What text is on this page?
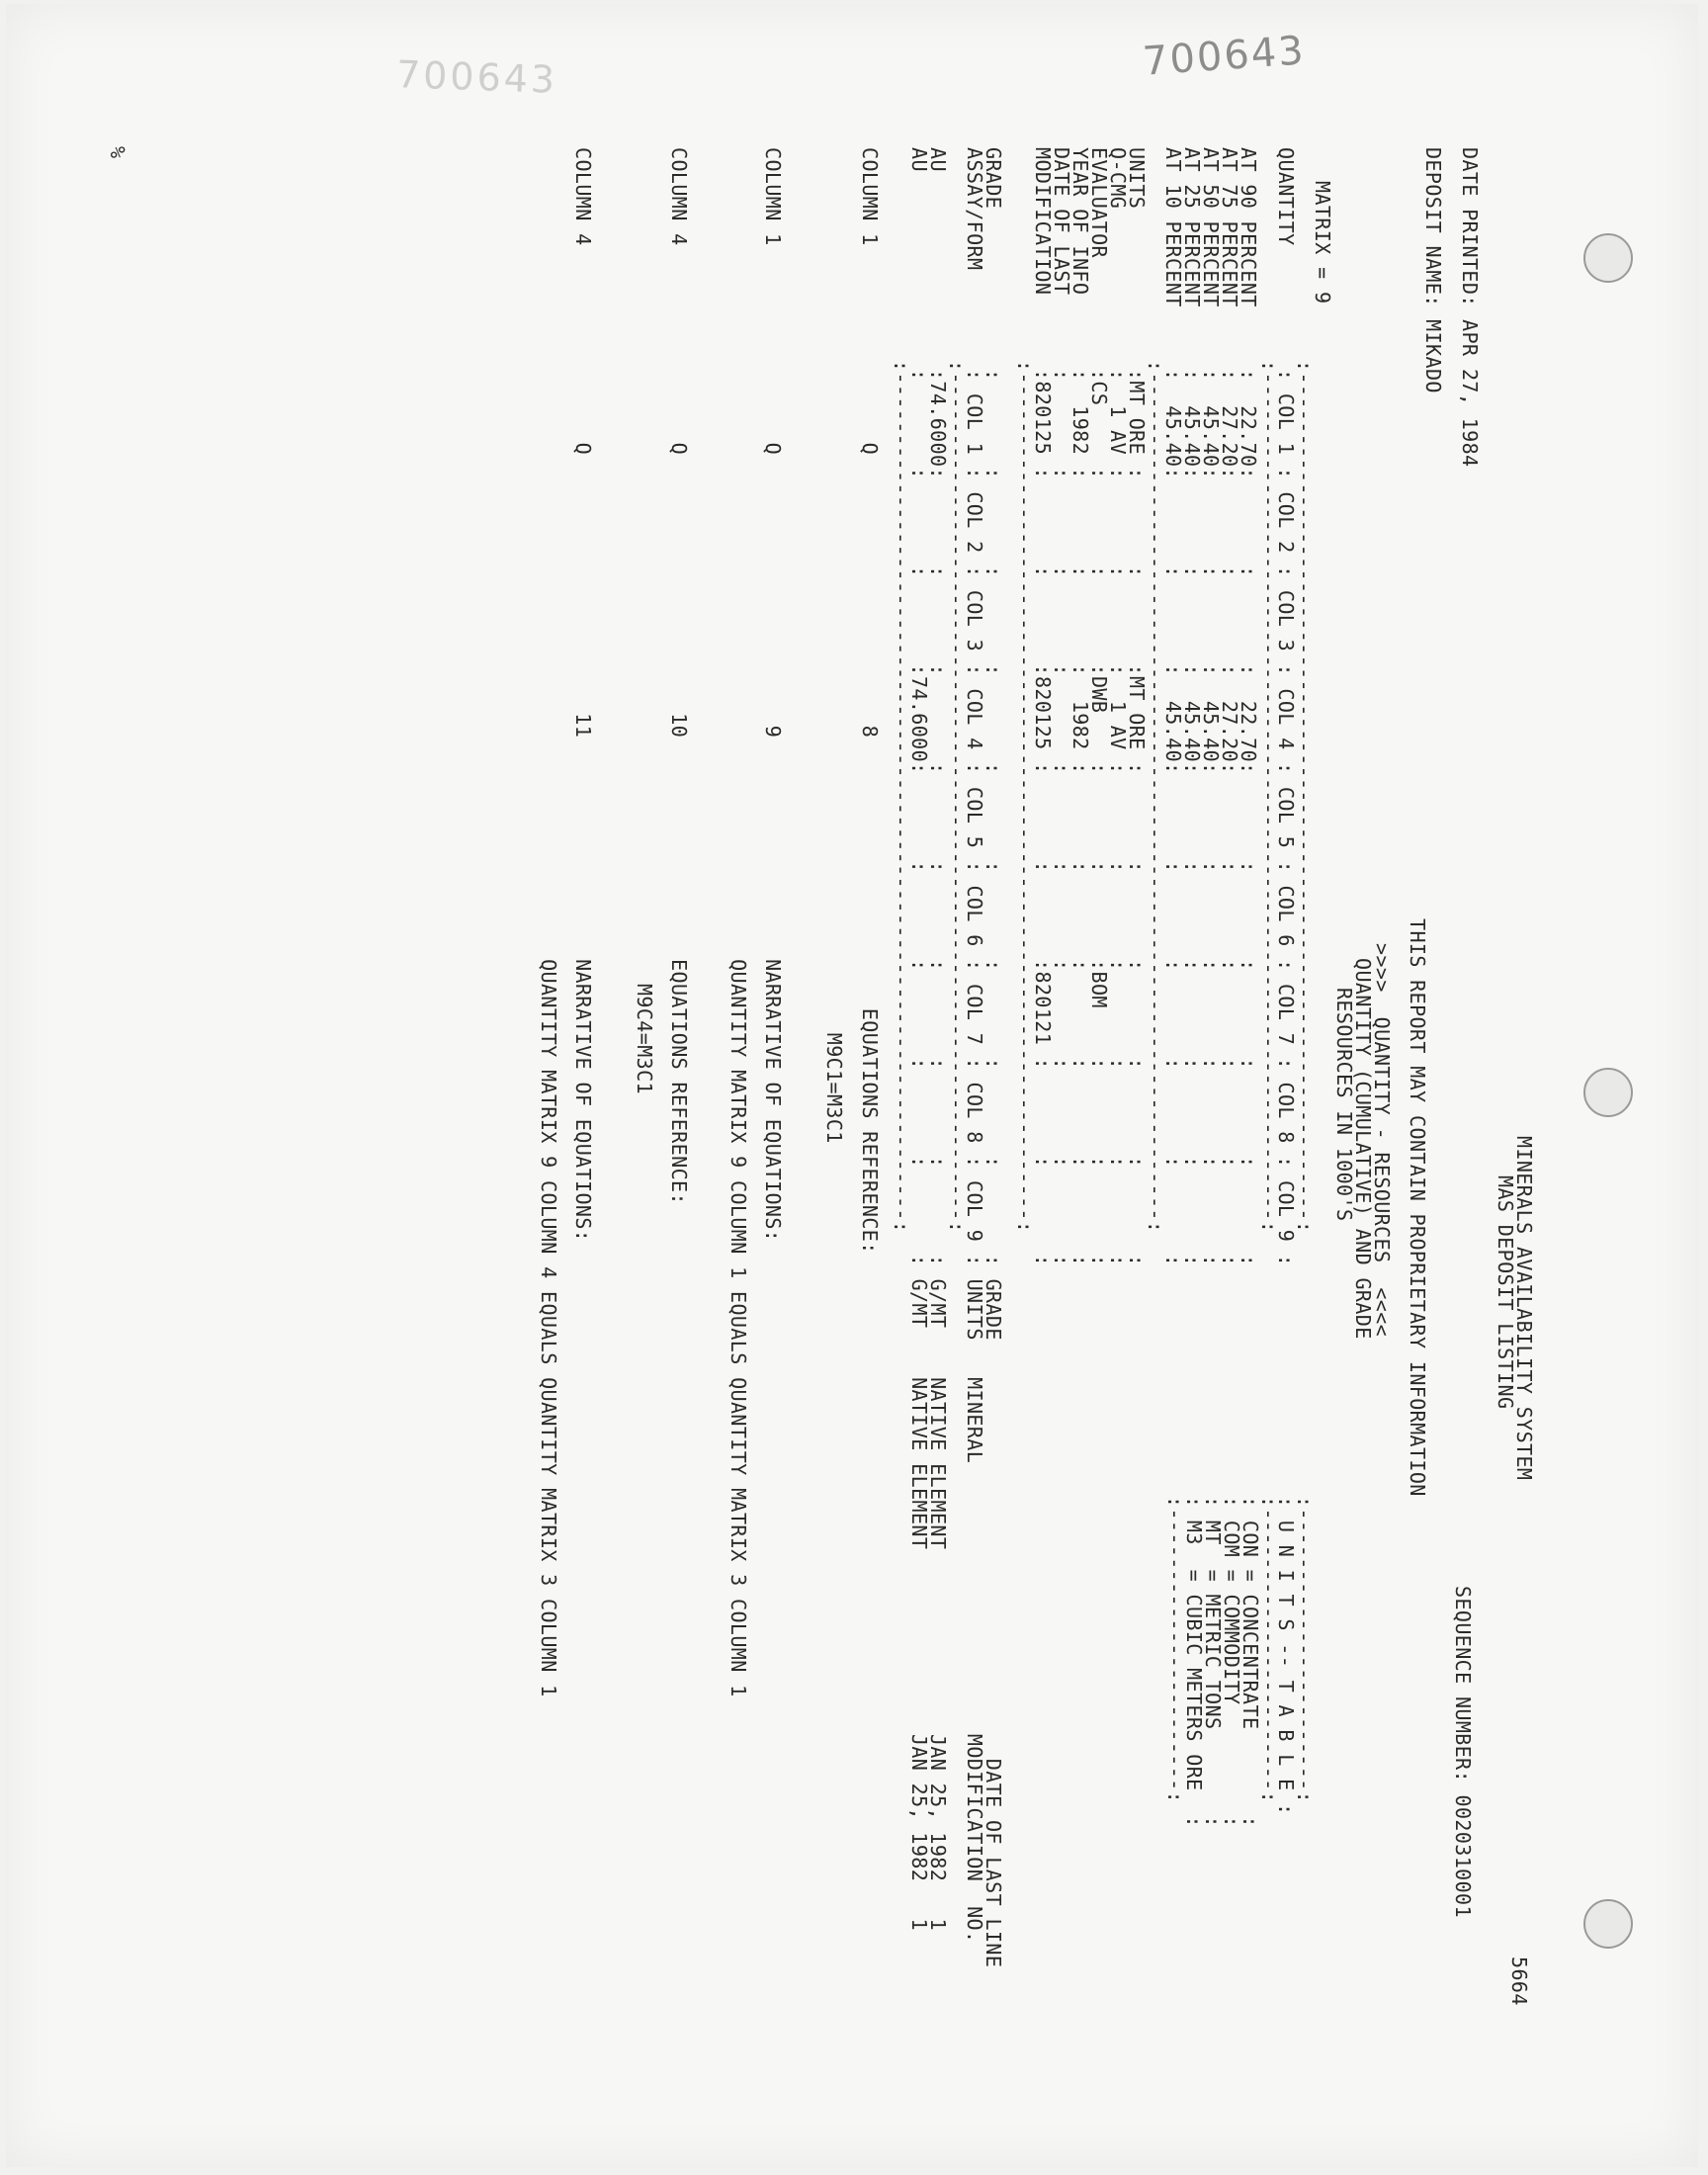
700643
700643
%
MINERALS AVAILABILITY SYSTEM
MAS DEPOSIT LISTING
5664
DATE PRINTED: APR 27, 1984
SEQUENCE NUMBER: 0020310001
DEPOSIT NAME: MIKADO
THIS REPORT MAY CONTAIN PROPRIETARY INFORMATION
>>>>  QUANTITY - RESOURCES  <<<<
QUANTITY (CUMULATIVE) AND GRADE
RESOURCES IN 1000'S
:-----------------------:
: U N I T S -- T A B L E :
:-----------------------:
: CON = CONCENTRATE       :
: COM = COMMODITY         :
: MT  = METRIC TONS       :
: M3  = CUBIC METERS ORE  :
:-----------------------:
MATRIX = 9
:---------------------------------------------------------------------:
QUANTITY          : COL 1 : COL 2 : COL 3 : COL 4 : COL 5 : COL 6 : COL 7 : COL 8 : COL 9 :
:---------------------------------------------------------------------:
AT 90 PERCENT     :  22.70:       :       :  22.70:       :       :       :       :       :
AT 75 PERCENT     :  27.20:       :       :  27.20:       :       :       :       :       :
AT 50 PERCENT     :  45.40:       :       :  45.40:       :       :       :       :       :
AT 25 PERCENT     :  45.40:       :       :  45.40:       :       :       :       :       :
AT 10 PERCENT     :  45.40:       :       :  45.40:       :       :       :       :       :
:---------------------------------------------------------------------:
UNITS             :MT ORE :       :       :MT ORE :       :       :       :       :       :
Q-CMG             :  1 AV :       :       :  1 AV :       :       :       :       :       :
EVALUATOR         :CS     :       :       :DWB    :       :       :BOM    :       :       :
YEAR OF INFO      :  1982 :       :       :  1982 :       :       :       :       :       :
DATE OF LAST      :       :       :       :       :       :       :       :       :       :
MODIFICATION      :820125 :       :       :820125 :       :       :820121 :       :       :
:---------------------------------------------------------------------:
GRADE             :       :       :       :       :       :       :       :       :       : GRADE                                  DATE OF LAST LINE
ASSAY/FORM        : COL 1 : COL 2 : COL 3 : COL 4 : COL 5 : COL 6 : COL 7 : COL 8 : COL 9 : UNITS   MINERAL                      MODIFICATION  NO.
:---------------------------------------------------------------------:
AU                :74.6000:       :       :       :       :       :       :       :       : G/MT    NATIVE ELEMENT               JAN 25, 1982   1
AU                :       :       :       :74.6000:       :       :       :       :       : G/MT    NATIVE ELEMENT               JAN 25, 1982   1
:---------------------------------------------------------------------:
COLUMN 1                Q                      8                      EQUATIONS REFERENCE:
M9C1=M3C1
COLUMN 1                Q                      9                  NARRATIVE OF EQUATIONS:
QUANTITY MATRIX 9 COLUMN 1 EQUALS QUANTITY MATRIX 3 COLUMN 1
COLUMN 4                Q                     10                  EQUATIONS REFERENCE:
M9C4=M3C1
COLUMN 4                Q                     11                  NARRATIVE OF EQUATIONS:
QUANTITY MATRIX 9 COLUMN 4 EQUALS QUANTITY MATRIX 3 COLUMN 1
